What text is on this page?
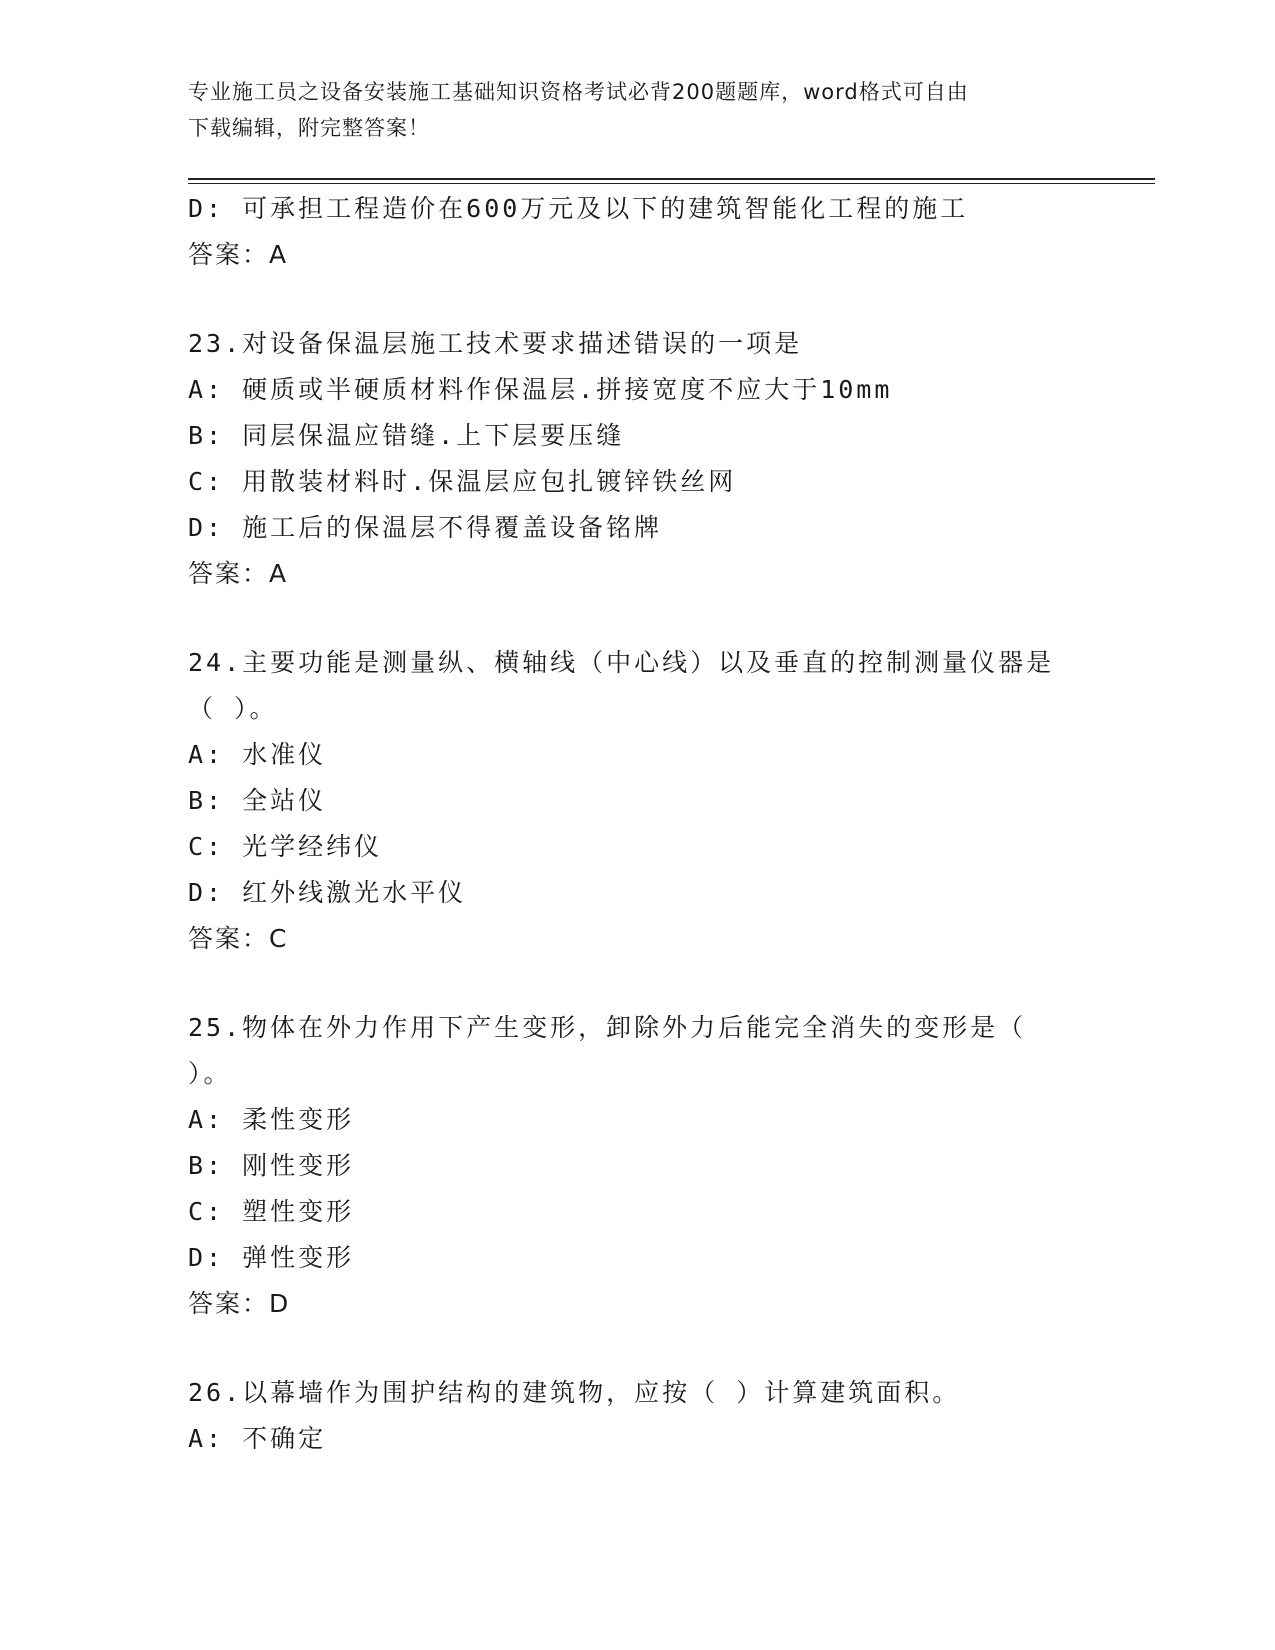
专业施工员之设备安装施工基础知识资格考试必背200题题库，word格式可自由
下载编辑，附完整答案！
D: 可承担工程造价在600万元及以下的建筑智能化工程的施工
答案：A
23.对设备保温层施工技术要求描述错误的一项是
A: 硬质或半硬质材料作保温层.拼接宽度不应大于10mm
B: 同层保温应错缝.上下层要压缝
C: 用散装材料时.保温层应包扎镀锌铁丝网
D: 施工后的保温层不得覆盖设备铭牌
答案：A
24.主要功能是测量纵、横轴线（中心线）以及垂直的控制测量仪器是
（ ）。
A: 水准仪
B: 全站仪
C: 光学经纬仪
D: 红外线激光水平仪
答案：C
25.物体在外力作用下产生变形，卸除外力后能完全消失的变形是（
）。
A: 柔性变形
B: 刚性变形
C: 塑性变形
D: 弹性变形
答案：D
26.以幕墙作为围护结构的建筑物，应按（ ）计算建筑面积。
A: 不确定
